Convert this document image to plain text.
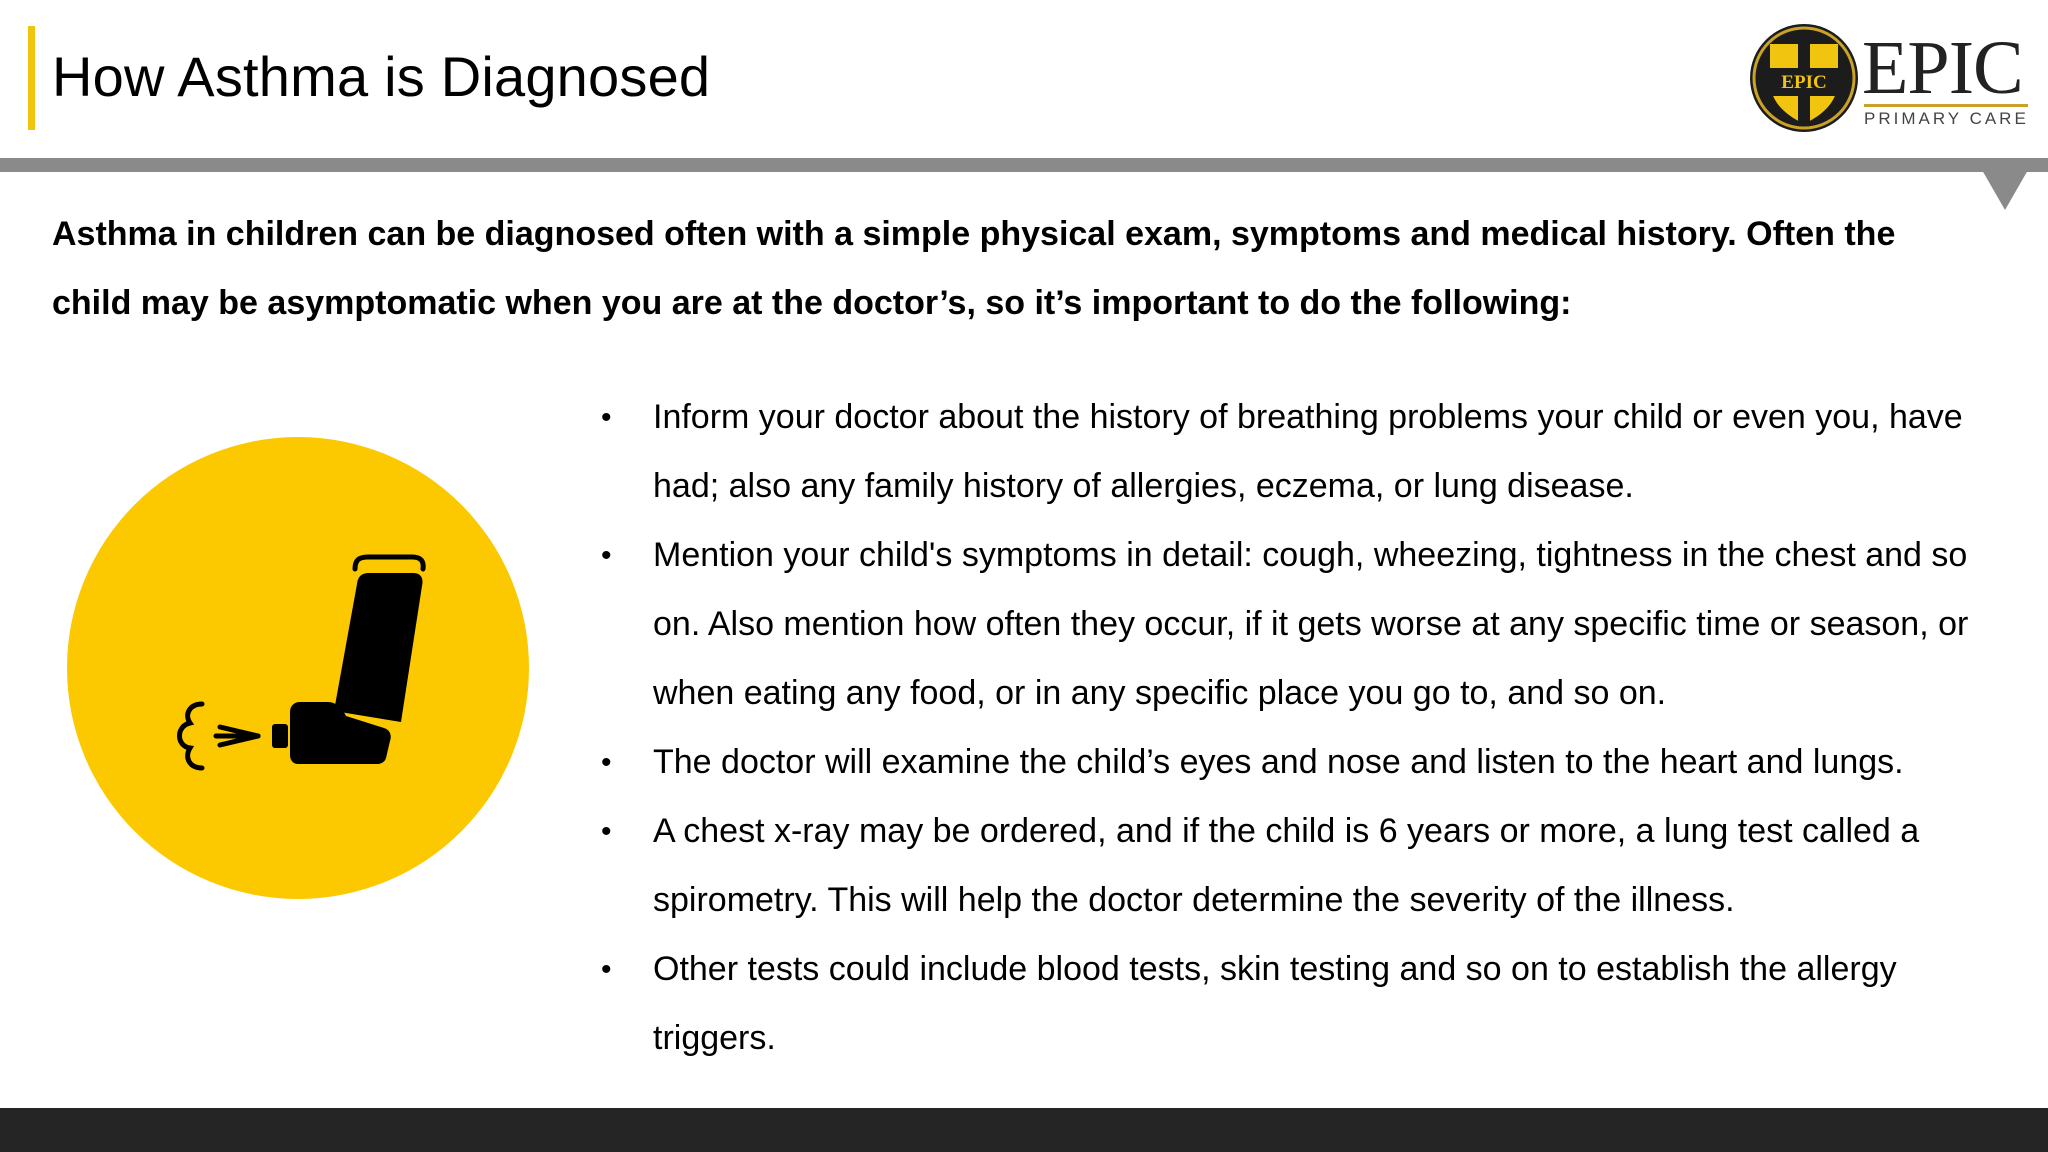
How Asthma is Diagnosed	EPIC EPIC
PRIMARY CARE

Asthma in children can be diagnosed often with a simple physical exam, symptoms and medical history. Often the child may be asymptomatic when you are at the doctor’s, so it’s important to do the following:

• Inform your doctor about the history of breathing problems your child or even you, have had; also any family history of allergies, eczema, or lung disease.
• Mention your child's symptoms in detail: cough, wheezing, tightness in the chest and so on. Also mention how often they occur, if it gets worse at any specific time or season, or when eating any food, or in any specific place you go to, and so on.
• The doctor will examine the child’s eyes and nose and listen to the heart and lungs.
• A chest x-ray may be ordered, and if the child is 6 years or more, a lung test called a spirometry. This will help the doctor determine the severity of the illness.
• Other tests could include blood tests, skin testing and so on to establish the allergy triggers.
